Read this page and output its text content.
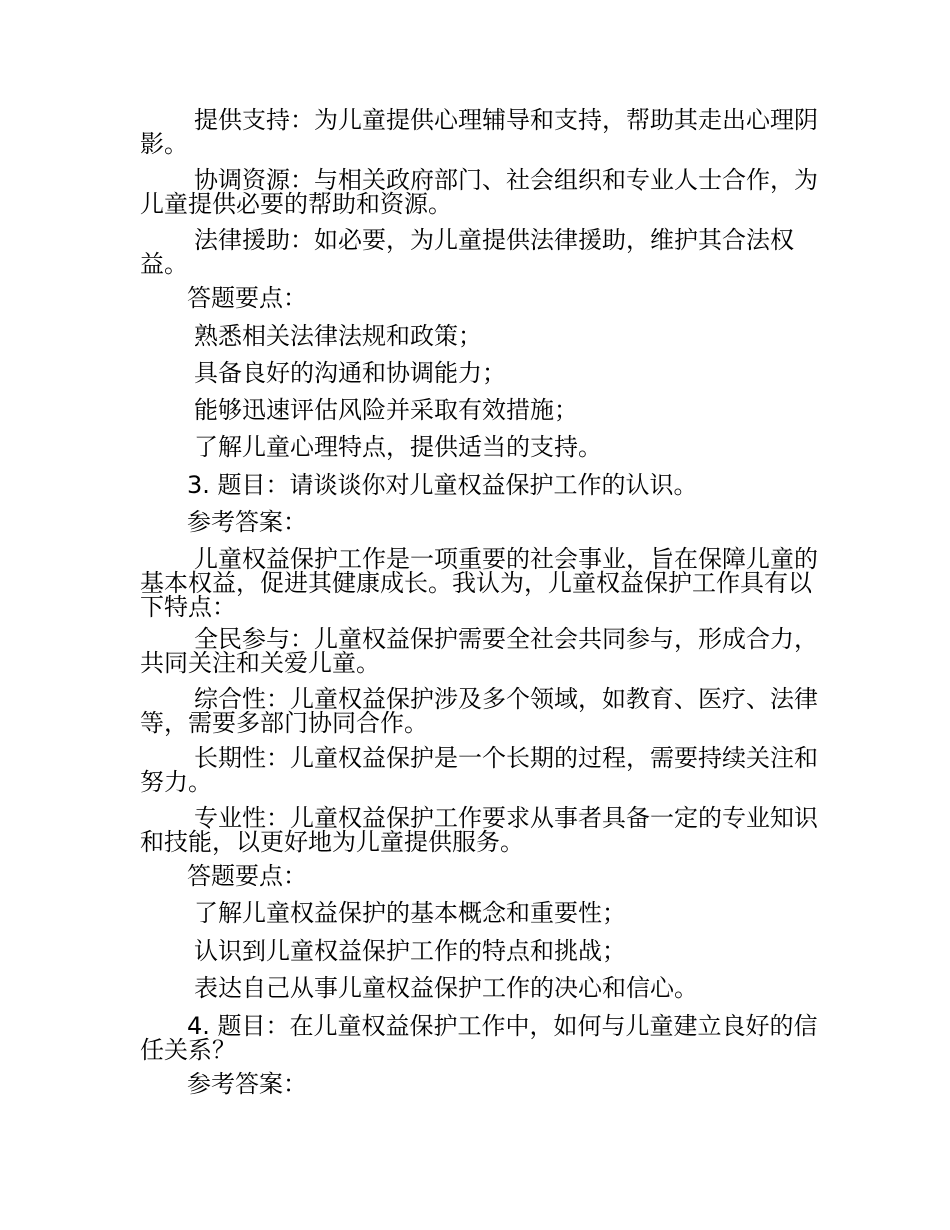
提供支持：为儿童提供心理辅导和支持，帮助其走出心理阴影。

协调资源：与相关政府部门、社会组织和专业人士合作，为儿童提供必要的帮助和资源。

法律援助：如必要，为儿童提供法律援助，维护其合法权益。

答题要点：

熟悉相关法律法规和政策；

具备良好的沟通和协调能力；

能够迅速评估风险并采取有效措施；

了解儿童心理特点，提供适当的支持。

3. 题目：请谈谈你对儿童权益保护工作的认识。

参考答案：

儿童权益保护工作是一项重要的社会事业，旨在保障儿童的基本权益，促进其健康成长。我认为，儿童权益保护工作具有以下特点：

全民参与：儿童权益保护需要全社会共同参与，形成合力，共同关注和关爱儿童。

综合性：儿童权益保护涉及多个领域，如教育、医疗、法律等，需要多部门协同合作。

长期性：儿童权益保护是一个长期的过程，需要持续关注和努力。

专业性：儿童权益保护工作要求从事者具备一定的专业知识和技能，以更好地为儿童提供服务。

答题要点：

了解儿童权益保护的基本概念和重要性；

认识到儿童权益保护工作的特点和挑战；

表达自己从事儿童权益保护工作的决心和信心。

4. 题目：在儿童权益保护工作中，如何与儿童建立良好的信任关系？

参考答案：
